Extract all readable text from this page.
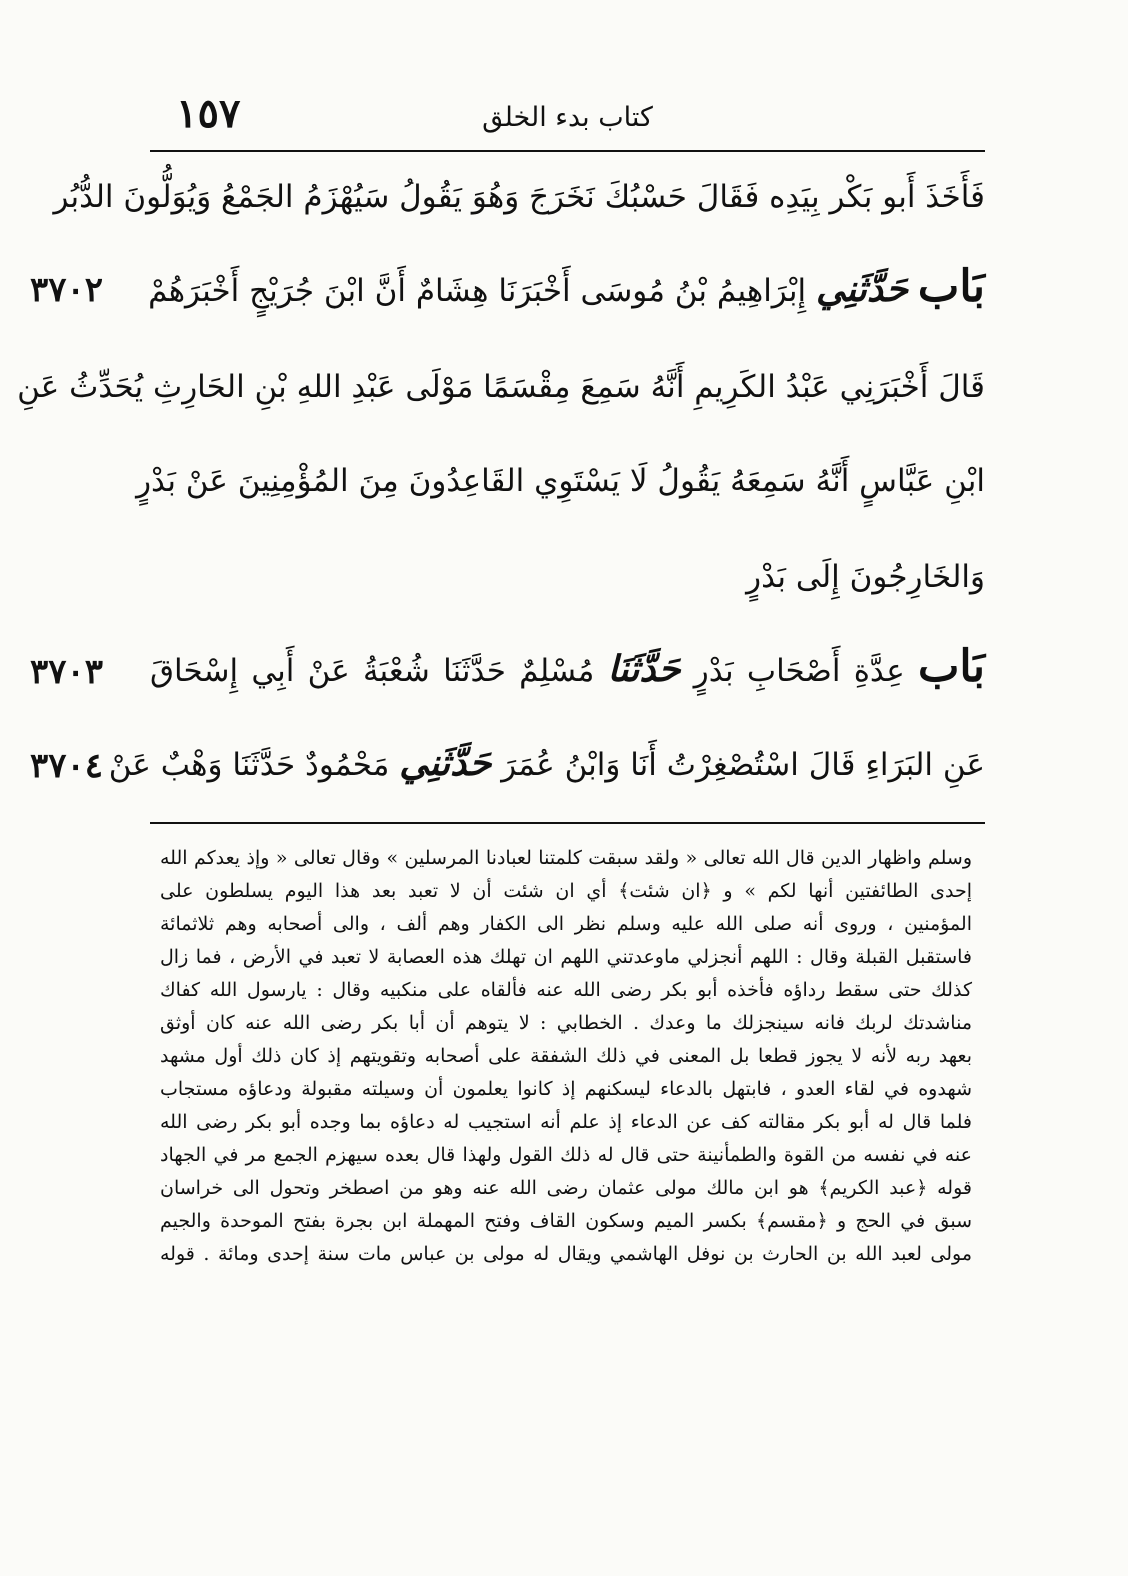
١٥٧	كتاب بدء الخلق
فَأَخَذَ أَبو بَكْر بِيَدِه فَقَالَ حَسْبُكَ نَخَرَجَ وَهُوَ يَقُولُ سَيُهْزَمُ الجَمْعُ وَيُوَلُّونَ الدُّبُر
بَاب حَدَّثَنِي إِبْرَاهِيمُ بْنُ مُوسَى أَخْبَرَنَا هِشَامٌ أَنَّ ابْنَ جُرَيْجٍ أَخْبَرَهُمْ
قَالَ أَخْبَرَنِي عَبْدُ الكَرِيمِ أَنَّهُ سَمِعَ مِقْسَمًا مَوْلَى عَبْدِ اللهِ بْنِ الحَارِثِ يُحَدِّثُ عَنِ
ابْنِ عَبَّاسٍ أَنَّهُ سَمِعَهُ يَقُولُ لَا يَسْتَوِي القَاعِدُونَ مِنَ المُؤْمِنِينَ عَنْ بَدْرٍ
وَالخَارِجُونَ إِلَى بَدْرٍ
بَاب عِدَّةِ أَصْحَابِ بَدْرٍ حَدَّثَنَا مُسْلِمٌ حَدَّثَنَا شُعْبَةُ عَنْ أَبِي إِسْحَاقَ
عَنِ البَرَاءِ قَالَ اسْتُصْغِرْتُ أَنَا وَابْنُ عُمَرَ حَدَّثَنِي مَحْمُودٌ حَدَّثَنَا وَهْبٌ عَنْ
٣٧٠٢
٣٧٠٣
٣٧٠٤
وسلم واظهار الدين قال الله تعالى « ولقد سبقت كلمتنا لعبادنا المرسلين » وقال تعالى « وإذ يعدكم الله
إحدى الطائفتين أنها لكم » و ﴿ان شئت﴾ أي ان شئت أن لا تعبد بعد هذا اليوم يسلطون على
المؤمنين ، وروى أنه صلى الله عليه وسلم نظر الى الكفار وهم ألف ، والى أصحابه وهم ثلاثمائة
فاستقبل القبلة وقال : اللهم أنجزلي ماوعدتني اللهم ان تهلك هذه العصابة لا تعبد في الأرض ، فما زال
كذلك حتى سقط رداؤه فأخذه أبو بكر رضى الله عنه فألقاه على منكبيه وقال : يارسول الله كفاك
مناشدتك لربك فانه سينجزلك ما وعدك . الخطابي : لا يتوهم أن أبا بكر رضى الله عنه كان أوثق
بعهد ربه لأنه لا يجوز قطعا بل المعنى في ذلك الشفقة على أصحابه وتقويتهم إذ كان ذلك أول مشهد
شهدوه في لقاء العدو ، فابتهل بالدعاء ليسكنهم إذ كانوا يعلمون أن وسيلته مقبولة ودعاؤه مستجاب
فلما قال له أبو بكر مقالته كف عن الدعاء إذ علم أنه استجيب له دعاؤه بما وجده أبو بكر رضى الله
عنه في نفسه من القوة والطمأنينة حتى قال له ذلك القول ولهذا قال بعده سيهزم الجمع مر في الجهاد
قوله ﴿عبد الكريم﴾ هو ابن مالك مولى عثمان رضى الله عنه وهو من اصطخر وتحول الى خراسان
سبق في الحج و ﴿مقسم﴾ بكسر الميم وسكون القاف وفتح المهملة ابن بجرة بفتح الموحدة والجيم
مولى لعبد الله بن الحارث بن نوفل الهاشمي ويقال له مولى بن عباس مات سنة إحدى ومائة . قوله
